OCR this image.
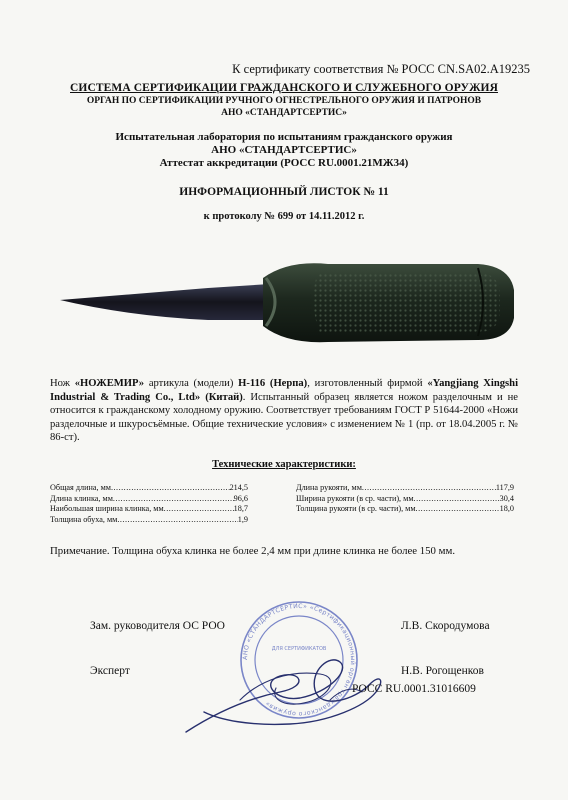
К сертификату соответствия № РОСС CN.SA02.A19235
СИСТЕМА СЕРТИФИКАЦИИ ГРАЖДАНСКОГО И СЛУЖЕБНОГО ОРУЖИЯ
ОРГАН ПО СЕРТИФИКАЦИИ РУЧНОГО ОГНЕСТРЕЛЬНОГО ОРУЖИЯ И ПАТРОНОВ
АНО «СТАНДАРТСЕРТИС»
Испытательная лаборатория по испытаниям гражданского оружия
АНО «СТАНДАРТСЕРТИС»
Аттестат аккредитации (РОСС RU.0001.21МЖ34)
ИНФОРМАЦИОННЫЙ ЛИСТОК № 11
к протоколу № 699 от 14.11.2012 г.
Нож «НОЖЕМИР» артикула (модели) Н-116 (Нерпа), изготовленный фирмой «Yangjiang Xingshi Industrial & Trading Co., Ltd» (Китай). Испытанный образец является ножом разделочным и не относится к гражданскому холодному оружию. Соответствует требованиям ГОСТ Р 51644-2000 «Ножи разделочные и шкуросъёмные. Общие технические условия» с изменением № 1 (пр. от 18.04.2005 г. № 86-ст).
Технические характеристики:
Общая длина, мм .....	214,5
Длина клинка, мм .....	96,6
Наибольшая ширина клинка, мм .....	18,7
Толщина обуха, мм .....	1,9
Длина рукояти, мм .....	117,9
Ширина рукояти (в ср. части), мм .....	30,4
Толщина рукояти (в ср. части), мм .....	18,0
Примечание. Толщина обуха клинка не более 2,4 мм при длине клинка не более 150 мм.
АНО «СТАНДАРТСЕРТИС» «Сертификационный орган гражданского оружия»
ДЛЯ СЕРТИФИКАТОВ
Зам. руководителя ОС РОО	Л.В. Скородумова
Эксперт	Н.В. Рогощенков
РОСС RU.0001.31016609
